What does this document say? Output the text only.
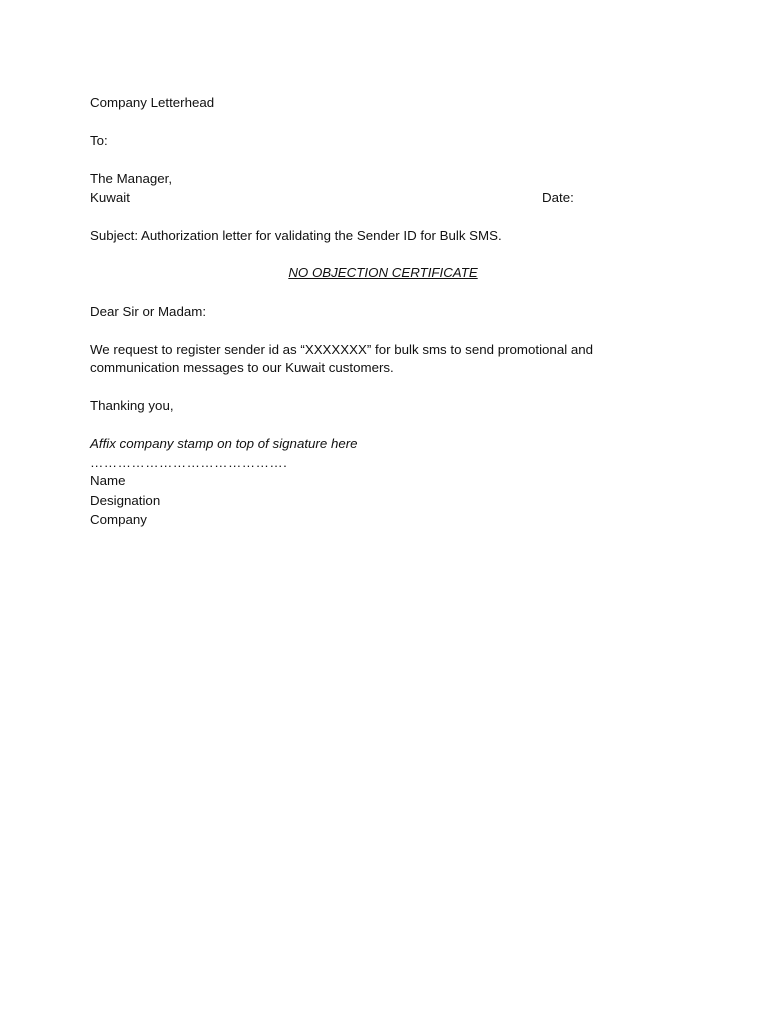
Company Letterhead
To:
The Manager,
Kuwait	Date:
Subject: Authorization letter for validating the Sender ID for Bulk SMS.
NO OBJECTION CERTIFICATE
Dear Sir or Madam:
We request to register sender id as “XXXXXXX” for bulk sms to send promotional and
communication messages to our Kuwait customers.
Thanking you,
Affix company stamp on top of signature here
…………………………………….
Name
Designation
Company
